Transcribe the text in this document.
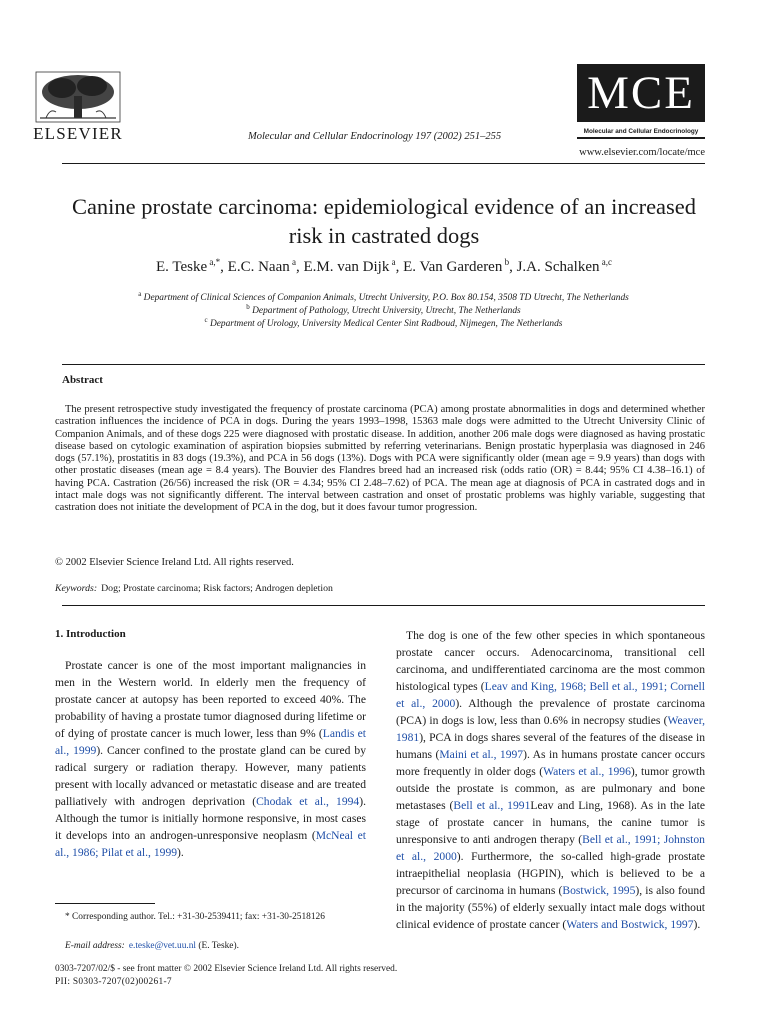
ELSEVIER	Molecular and Cellular Endocrinology 197 (2002) 251–255
MCE
Molecular and Cellular Endocrinology
www.elsevier.com/locate/mce
Canine prostate carcinoma: epidemiological evidence of an increased
risk in castrated dogs
E. Teske $^{a,*}$, E.C. Naan $^a$, E.M. van Dijk $^a$, E. Van Garderen $^b$, J.A. Schalken $^{a,c}$
$^a$ Department of Clinical Sciences of Companion Animals, Utrecht University, P.O. Box 80.154, 3508 TD Utrecht, The Netherlands
$^b$ Department of Pathology, Utrecht University, Utrecht, The Netherlands
$^c$ Department of Urology, University Medical Center Sint Radboud, Nijmegen, The Netherlands
Abstract
The present retrospective study investigated the frequency of prostate carcinoma (PCA) among prostate abnormalities in dogs and determined whether castration influences the incidence of PCA in dogs. During the years 1993–1998, 15363 male dogs were admitted to the Utrecht University Clinic of Companion Animals, and of these dogs 225 were diagnosed with prostatic disease. In addition, another 206 male dogs were diagnosed as having prostatic disease based on cytologic examination of aspiration biopsies submitted by referring veterinarians. Benign prostatic hyperplasia was diagnosed in 246 dogs (57.1%), prostatitis in 83 dogs (19.3%), and PCA in 56 dogs (13%). Dogs with PCA were significantly older (mean age = 9.9 years) than dogs with other prostatic diseases (mean age = 8.4 years). The Bouvier des Flandres breed had an increased risk (odds ratio (OR) = 8.44; 95% CI 4.38–16.1) of having PCA. Castration (26/56) increased the risk (OR = 4.34; 95% CI 2.48–7.62) of PCA. The mean age at diagnosis of PCA in castrated dogs and in intact male dogs was not significantly different. The interval between castration and onset of prostatic problems was highly variable, suggesting that castration does not initiate the development of PCA in the dog, but it does favour tumor progression.
© 2002 Elsevier Science Ireland Ltd. All rights reserved.
Keywords: Dog; Prostate carcinoma; Risk factors; Androgen depletion
1. Introduction
Prostate cancer is one of the most important malignancies in men in the Western world. In elderly men the frequency of prostate cancer at autopsy has been reported to exceed 40%. The probability of having a prostate tumor diagnosed during lifetime or of dying of prostate cancer is much lower, less than 9% (Landis et al., 1999). Cancer confined to the prostate gland can be cured by radical surgery or radiation therapy. However, many patients present with locally advanced or metastatic disease and are treated palliatively with androgen deprivation (Chodak et al., 1994). Although the tumor is initially hormone responsive, in most cases it develops into an androgen-unresponsive neoplasm (McNeal et al., 1986; Pilat et al., 1999).
The dog is one of the few other species in which spontaneous prostate cancer occurs. Adenocarcinoma, transitional cell carcinoma, and undifferentiated carcinoma are the most common histological types (Leav and King, 1968; Bell et al., 1991; Cornell et al., 2000). Although the prevalence of prostate carcinoma (PCA) in dogs is low, less than 0.6% in necropsy studies (Weaver, 1981), PCA in dogs shares several of the features of the disease in humans (Maini et al., 1997). As in humans prostate cancer occurs more frequently in older dogs (Waters et al., 1996), tumor growth outside the prostate is common, as are pulmonary and bone metastases (Bell et al., 1991Leav and Ling, 1968). As in the late stage of prostate cancer in humans, the canine tumor is unresponsive to anti androgen therapy (Bell et al., 1991; Johnston et al., 2000). Furthermore, the so-called high-grade prostate intraepithelial neoplasia (HGPIN), which is believed to be a precursor of carcinoma in humans (Bostwick, 1995), is also found in the majority (55%) of elderly sexually intact male dogs without clinical evidence of prostate cancer (Waters and Bostwick, 1997).
* Corresponding author. Tel.: +31-30-2539411; fax: +31-30-2518126
E-mail address: e.teske@vet.uu.nl (E. Teske).
0303-7207/02/$ - see front matter © 2002 Elsevier Science Ireland Ltd. All rights reserved.
PII: S0303-7207(02)00261-7
